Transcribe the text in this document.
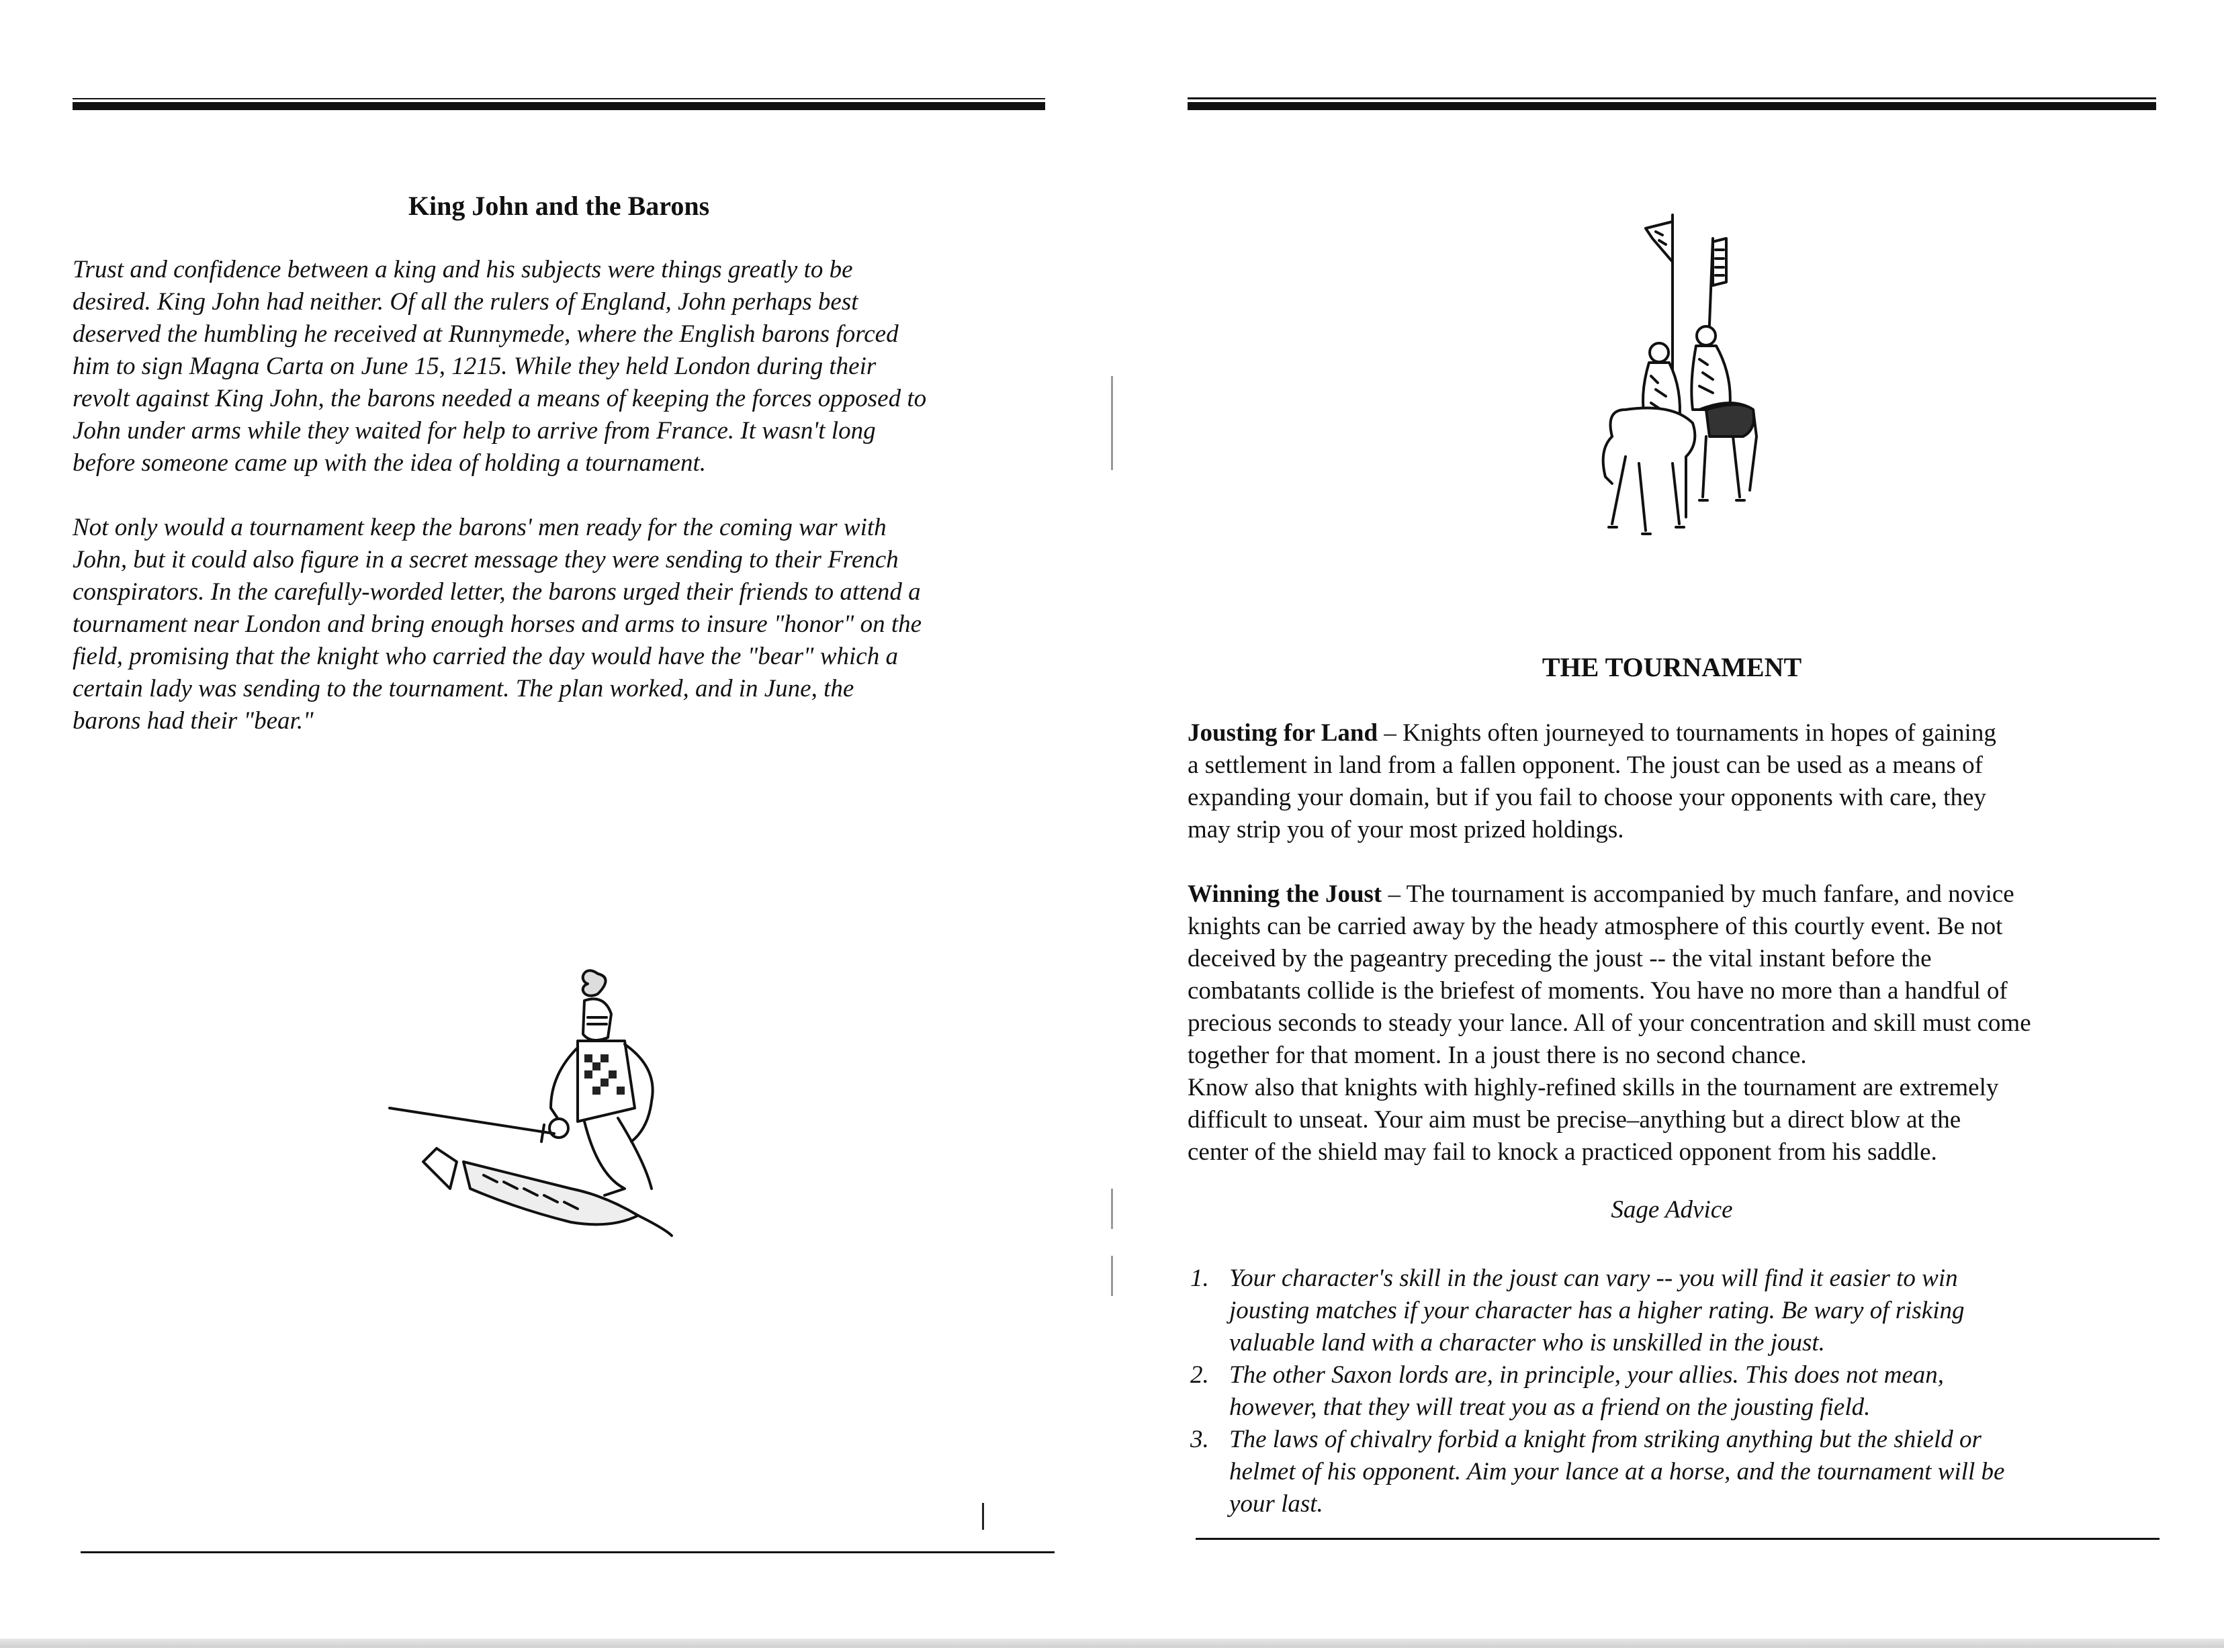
King John and the Barons

Trust and confidence between a king and his subjects were things greatly to be
desired. King John had neither. Of all the rulers of England, John perhaps best
deserved the humbling he received at Runnymede, where the English barons forced
him to sign Magna Carta on June 15, 1215. While they held London during their
revolt against King John, the barons needed a means of keeping the forces opposed to
John under arms while they waited for help to arrive from France. It wasn't long
before someone came up with the idea of holding a tournament.

Not only would a tournament keep the barons' men ready for the coming war with
John, but it could also figure in a secret message they were sending to their French
conspirators. In the carefully-worded letter, the barons urged their friends to attend a
tournament near London and bring enough horses and arms to insure "honor" on the
field, promising that the knight who carried the day would have the "bear" which a
certain lady was sending to the tournament. The plan worked, and in June, the
barons had their "bear."

THE TOURNAMENT

Jousting for Land – Knights often journeyed to tournaments in hopes of gaining
a settlement in land from a fallen opponent. The joust can be used as a means of
expanding your domain, but if you fail to choose your opponents with care, they
may strip you of your most prized holdings.

Winning the Joust – The tournament is accompanied by much fanfare, and novice
knights can be carried away by the heady atmosphere of this courtly event. Be not
deceived by the pageantry preceding the joust -- the vital instant before the
combatants collide is the briefest of moments. You have no more than a handful of
precious seconds to steady your lance. All of your concentration and skill must come
together for that moment. In a joust there is no second chance.

Know also that knights with highly-refined skills in the tournament are extremely
difficult to unseat. Your aim must be precise–anything but a direct blow at the
center of the shield may fail to knock a practiced opponent from his saddle.

Sage Advice
1. Your character's skill in the joust can vary -- you will find it easier to win
jousting matches if your character has a higher rating. Be wary of risking
valuable land with a character who is unskilled in the joust.
2. The other Saxon lords are, in principle, your allies. This does not mean,
however, that they will treat you as a friend on the jousting field.
3. The laws of chivalry forbid a knight from striking anything but the shield or
helmet of his opponent. Aim your lance at a horse, and the tournament will be
your last.
